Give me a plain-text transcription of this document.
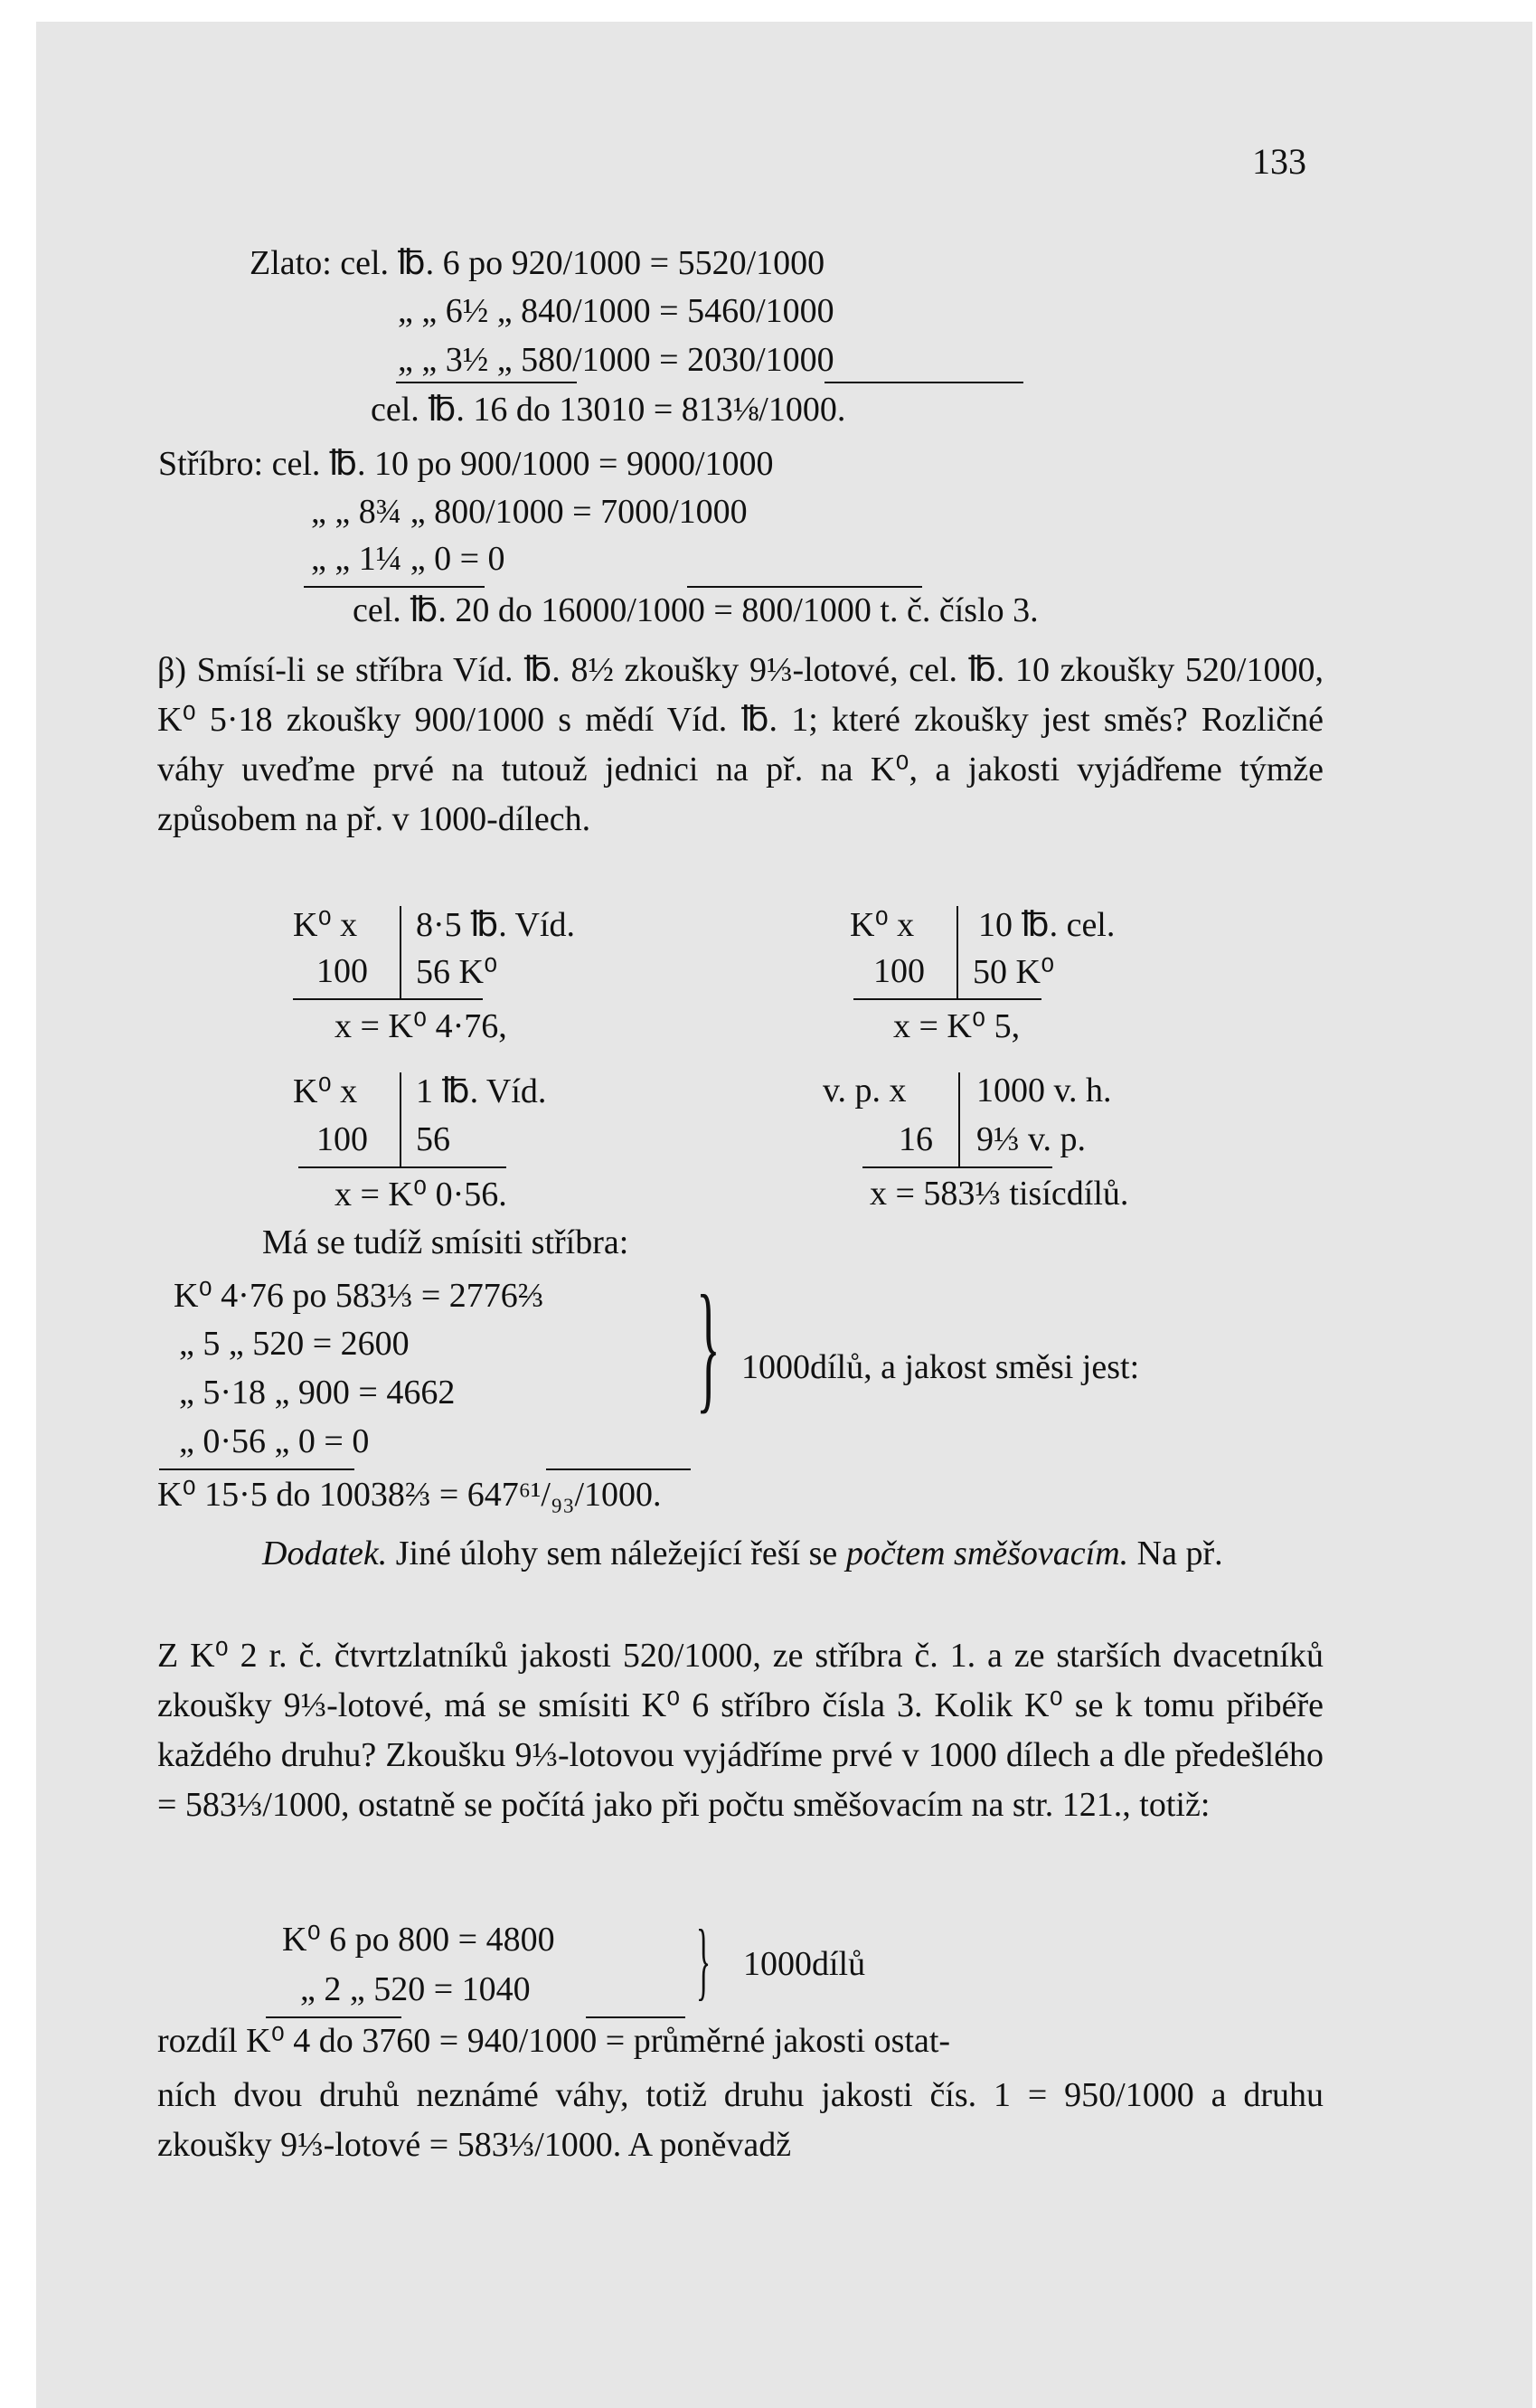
133
Zlato: cel. ℔. 6 po 920/1000 = 5520/1000
„ „ 6½ „ 840/1000 = 5460/1000
„ „ 3½ „ 580/1000 = 2030/1000
cel. ℔. 16 do 13010 = 813⅛/1000.
Stříbro: cel. ℔. 10 po 900/1000 = 9000/1000
„ „ 8¾ „ 800/1000 = 7000/1000
„ „ 1¼ „ 0 = 0
cel. ℔. 20 do 16000/1000 = 800/1000 t. č. číslo 3.
β) Smísí-li se stříbra Víd. ℔. 8½ zkoušky 9⅓-lotové, cel. ℔. 10 zkoušky 520/1000, K⁰ 5·18 zkoušky 900/1000 s mědí Víd. ℔. 1; které zkoušky jest směs? Rozličné váhy uveďme prvé na tutouž jednici na př. na K⁰, a jakosti vyjádřeme týmže způsobem na př. v 1000-dílech.
K⁰ x 8·5 ℔. Víd.
100 56 K⁰
x = K⁰ 4·76,
K⁰ x 10 ℔. cel.
100 50 K⁰
x = K⁰ 5,
K⁰ x 1 ℔. Víd.
100 56
x = K⁰ 0·56.
v. p. x 1000 v. h.
16 9⅓ v. p.
x = 583⅓ tisícdílů.
Má se tudíž smísiti stříbra:
K⁰ 4·76 po 583⅓ = 2776⅔
„ 5 „ 520 = 2600
„ 5·18 „ 900 = 4662
„ 0·56 „ 0 = 0
} 1000dílů, a jakost směsi jest:
K⁰ 15·5 do 10038⅔ = 647⁶¹/₉₃/1000.
Dodatek. Jiné úlohy sem náležející řeší se počtem směšovacím. Na př.
Z K⁰ 2 r. č. čtvrtzlatníků jakosti 520/1000, ze stříbra č. 1. a ze starších dvacetníků zkoušky 9⅓-lotové, má se smísiti K⁰ 6 stříbro čísla 3. Kolik K⁰ se k tomu přibéře každého druhu? Zkoušku 9⅓-lotovou vyjádříme prvé v 1000 dílech a dle předešlého = 583⅓/1000, ostatně se počítá jako při počtu směšovacím na str. 121., totiž:
K⁰ 6 po 800 = 4800
„ 2 „ 520 = 1040 } 1000dílů
rozdíl K⁰ 4 do 3760 = 940/1000 = průměrné jakosti ostat-
ních dvou druhů neznámé váhy, totiž druhu jakosti čís. 1 = 950/1000 a druhu zkoušky 9⅓-lotové = 583⅓/1000. A poněvadž
